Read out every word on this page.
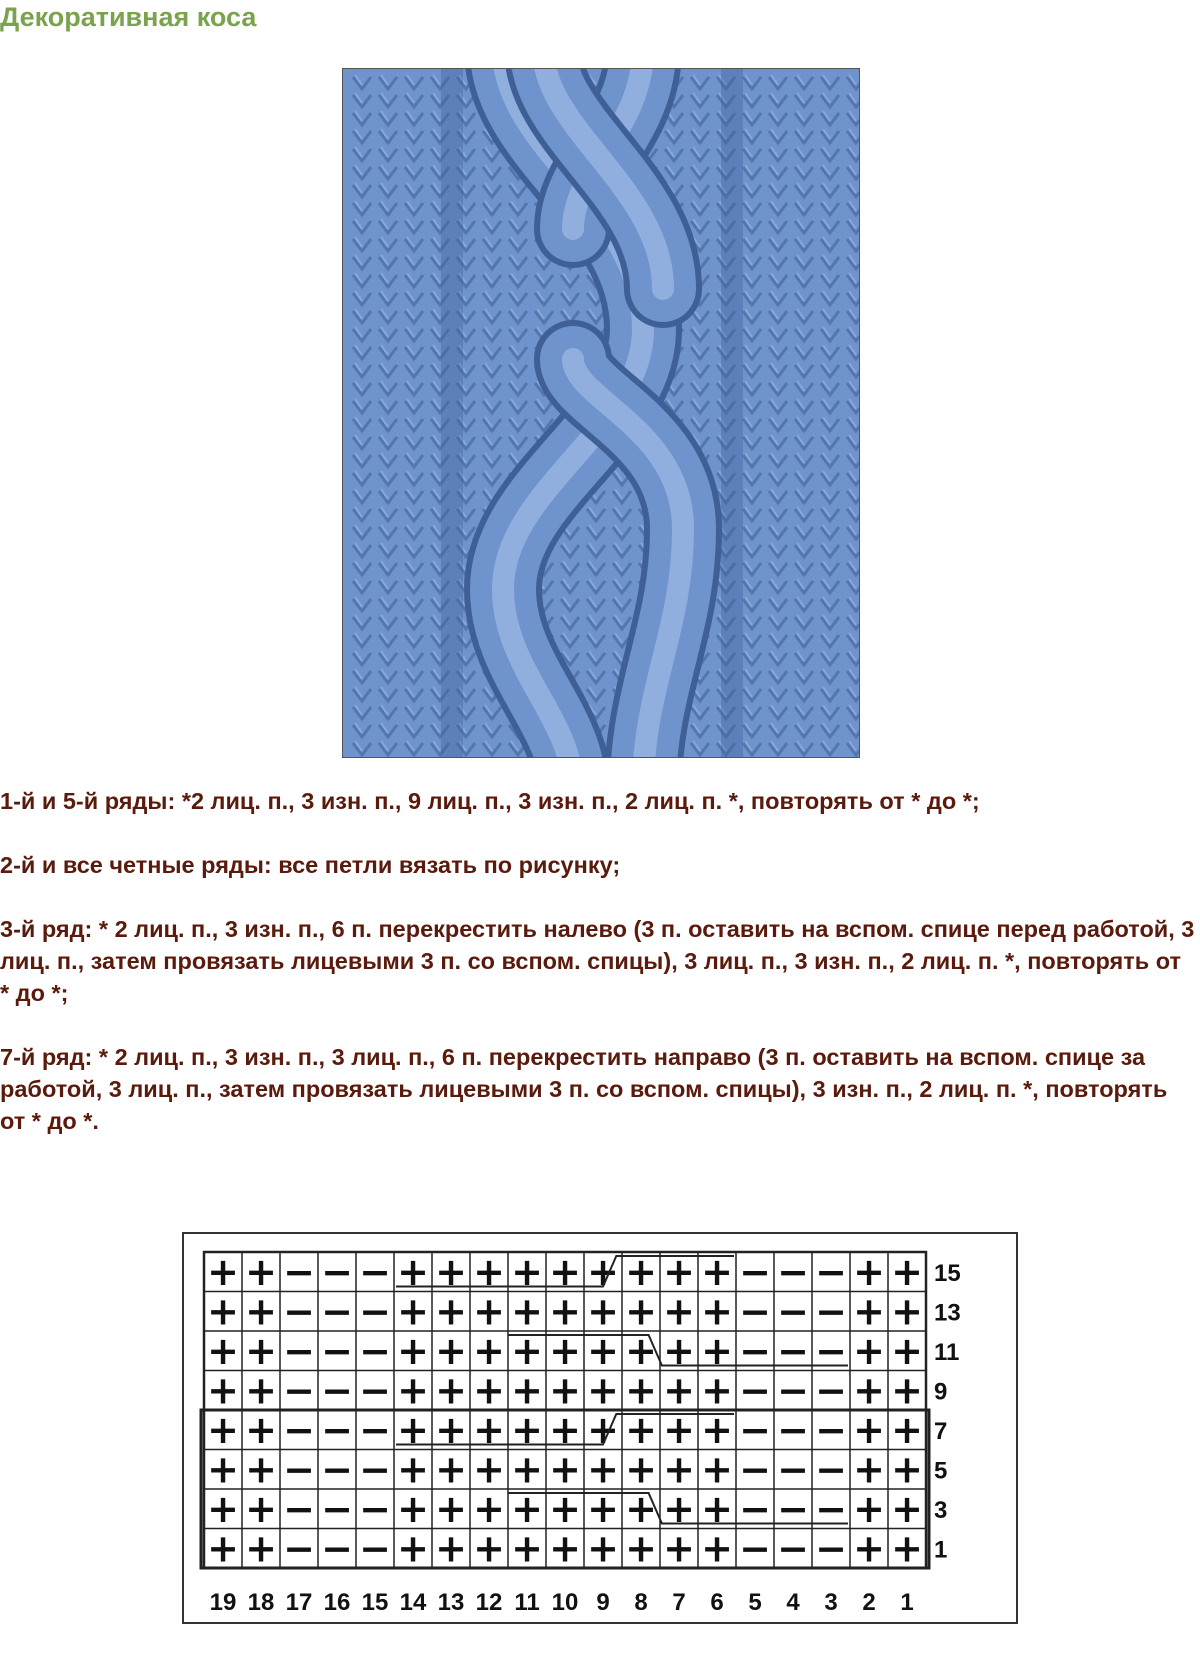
Декоративная коса

1-й и 5-й ряды: *2 лиц. п., 3 изн. п., 9 лиц. п., 3 изн. п., 2 лиц. п. *, повторять от * до *;

2-й и все четные ряды: все петли вязать по рисунку;

3-й ряд: * 2 лиц. п., 3 изн. п., 6 п. перекрестить налево (3 п. оставить на вспом. спице перед работой, 3 лиц. п., затем провязать лицевыми 3 п. со вспом. спицы), 3 лиц. п., 3 изн. п., 2 лиц. п. *, повторять от * до *;

7-й ряд: * 2 лиц. п., 3 изн. п., 3 лиц. п., 6 п. перекрестить направо (3 п. оставить на вспом. спице за работой, 3 лиц. п., затем провязать лицевыми 3 п. со вспом. спицы), 3 изн. п., 2 лиц. п. *, повторять от * до *.

+ + − − − + + + + + + + + + − − − + +
+ + − − − + + + + + + + + + − − − + +
+ + − − − + + + + + + + + + − − − + +
+ + − − − + + + + + + + + + − − − + +
+ + − − − + + + + + + + + + − − − + +
+ + − − − + + + + + + + + + − − − + +
+ + − − − + + + + + + + + + − − − + +
+ + − − − + + + + + + + + + − − − + +
15
13
11
9
7
5
3
1
19 18 17 16 15 14 13 12 11 10 9 8 7 6 5 4 3 2 1
